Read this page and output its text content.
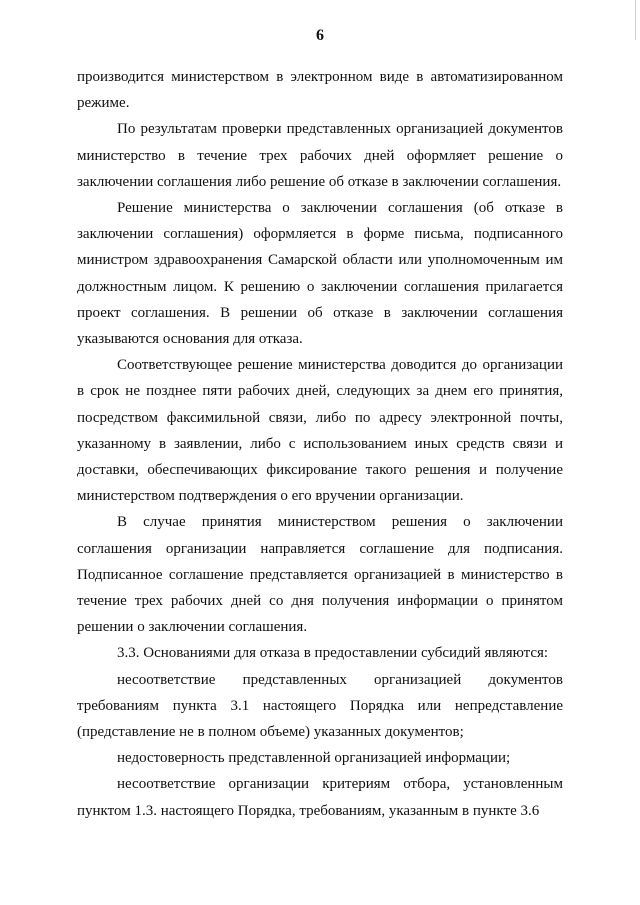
6

производится министерством в электронном виде в автоматизированном режиме.

По результатам проверки представленных организацией документов министерство в течение трех рабочих дней оформляет решение о заключении соглашения либо решение об отказе в заключении соглашения.

Решение министерства о заключении соглашения (об отказе в заключении соглашения) оформляется в форме письма, подписанного министром здравоохранения Самарской области или уполномоченным им должностным лицом. К решению о заключении соглашения прилагается проект соглашения. В решении об отказе в заключении соглашения указываются основания для отказа.

Соответствующее решение министерства доводится до организации в срок не позднее пяти рабочих дней, следующих за днем его принятия, посредством факсимильной связи, либо по адресу электронной почты, указанному в заявлении, либо с использованием иных средств связи и доставки, обеспечивающих фиксирование такого решения и получение министерством подтверждения о его вручении организации.

В случае принятия министерством решения о заключении соглашения организации направляется соглашение для подписания. Подписанное соглашение представляется организацией в министерство в течение трех рабочих дней со дня получения информации о принятом решении о заключении соглашения.

3.3. Основаниями для отказа в предоставлении субсидий являются:

несоответствие представленных организацией документов требованиям пункта 3.1 настоящего Порядка или непредставление (представление не в полном объеме) указанных документов;

недостоверность представленной организацией информации;

несоответствие организации критериям отбора, установленным пунктом 1.3. настоящего Порядка, требованиям, указанным в пункте 3.6
